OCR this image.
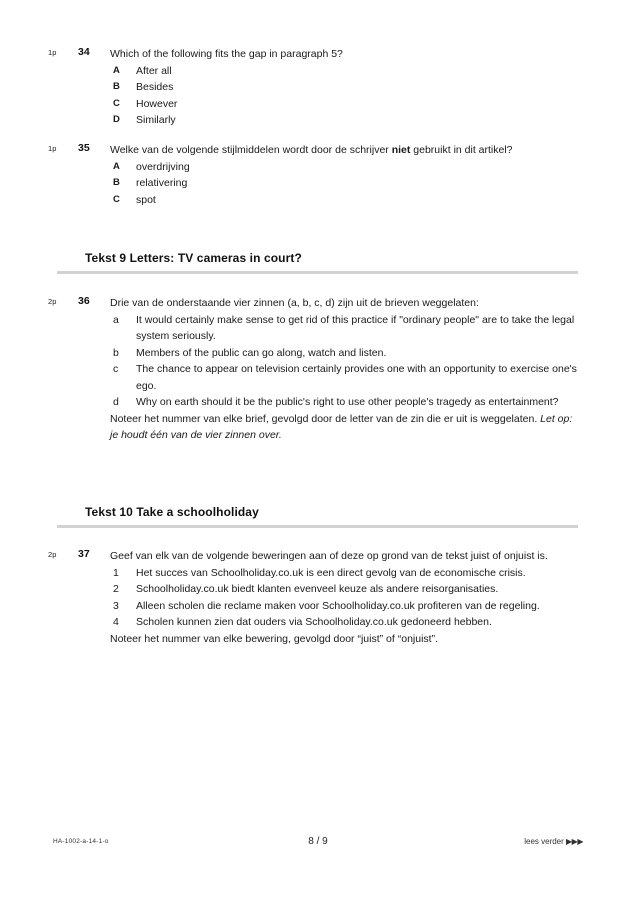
1p	34 Which of the following fits the gap in paragraph 5?
A After all
B Besides
C However
D Similarly
1p	35 Welke van de volgende stijlmiddelen wordt door de schrijver niet gebruikt in dit artikel?
A overdrijving
B relativering
C spot
Tekst 9 Letters: TV cameras in court?
2p	36 Drie van de onderstaande vier zinnen (a, b, c, d) zijn uit de brieven weggelaten:
a It would certainly make sense to get rid of this practice if "ordinary people" are to take the legal system seriously.
b Members of the public can go along, watch and listen.
c The chance to appear on television certainly provides one with an opportunity to exercise one's ego.
d Why on earth should it be the public's right to use other people's tragedy as entertainment?
Noteer het nummer van elke brief, gevolgd door de letter van de zin die er uit is weggelaten. Let op: je houdt één van de vier zinnen over.
Tekst 10 Take a schoolholiday
2p	37 Geef van elk van de volgende beweringen aan of deze op grond van de tekst juist of onjuist is.
1 Het succes van Schoolholiday.co.uk is een direct gevolg van de economische crisis.
2 Schoolholiday.co.uk biedt klanten evenveel keuze als andere reisorganisaties.
3 Alleen scholen die reclame maken voor Schoolholiday.co.uk profiteren van de regeling.
4 Scholen kunnen zien dat ouders via Schoolholiday.co.uk gedoneerd hebben.
Noteer het nummer van elke bewering, gevolgd door “juist” of “onjuist”.
HA-1002-a-14-1-o	8 / 9	lees verder ▶▶▶
